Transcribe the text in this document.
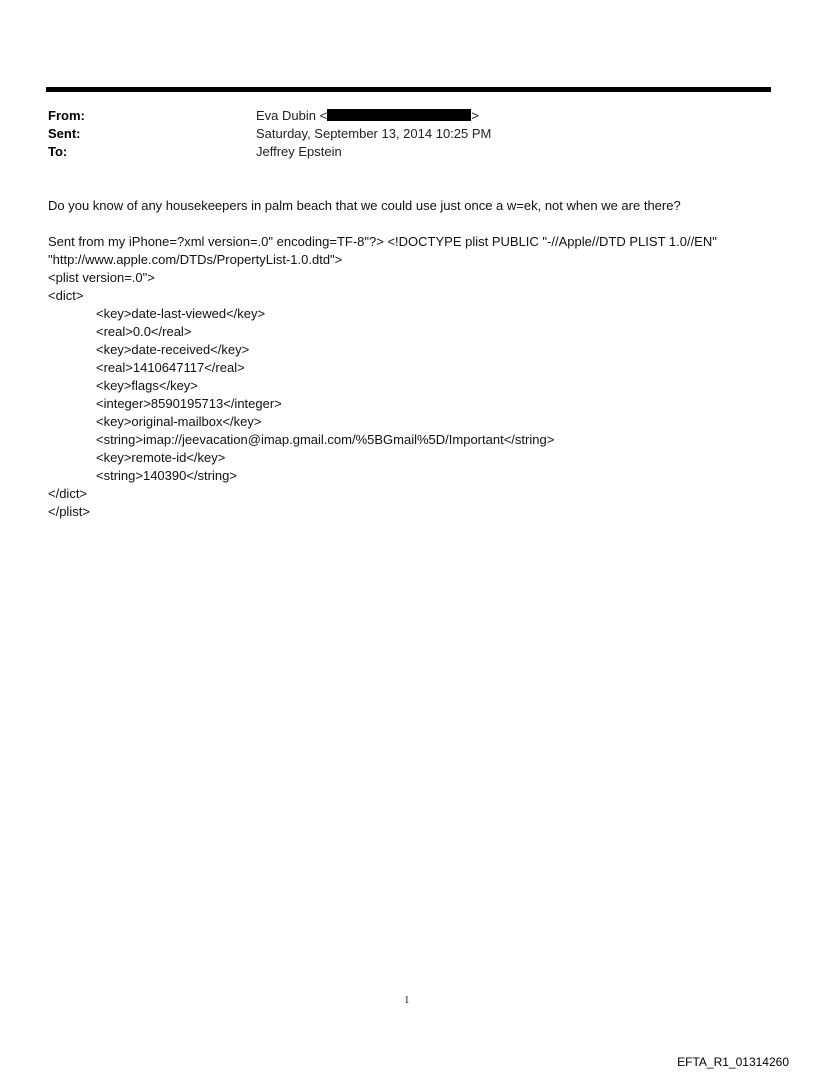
From:	Eva Dubin <	>
Sent:	Saturday, September 13, 2014 10:25 PM
To:	Jeffrey Epstein
Do you know of any housekeepers in palm beach that we could use just once a w=ek, not when we are there?
Sent from my iPhone=?xml version=.0" encoding=TF-8"?> <!DOCTYPE plist PUBLIC "-//Apple//DTD PLIST 1.0//EN"
"http://www.apple.com/DTDs/PropertyList-1.0.dtd">
<plist version=.0">
<dict>
<key>date-last-viewed</key>
<real>0.0</real>
<key>date-received</key>
<real>1410647117</real>
<key>flags</key>
<integer>8590195713</integer>
<key>original-mailbox</key>
<string>imap://jeevacation@imap.gmail.com/%5BGmail%5D/Important</string>
<key>remote-id</key>
<string>140390</string>
</dict>
</plist>
1
EFTA_R1_01314260
